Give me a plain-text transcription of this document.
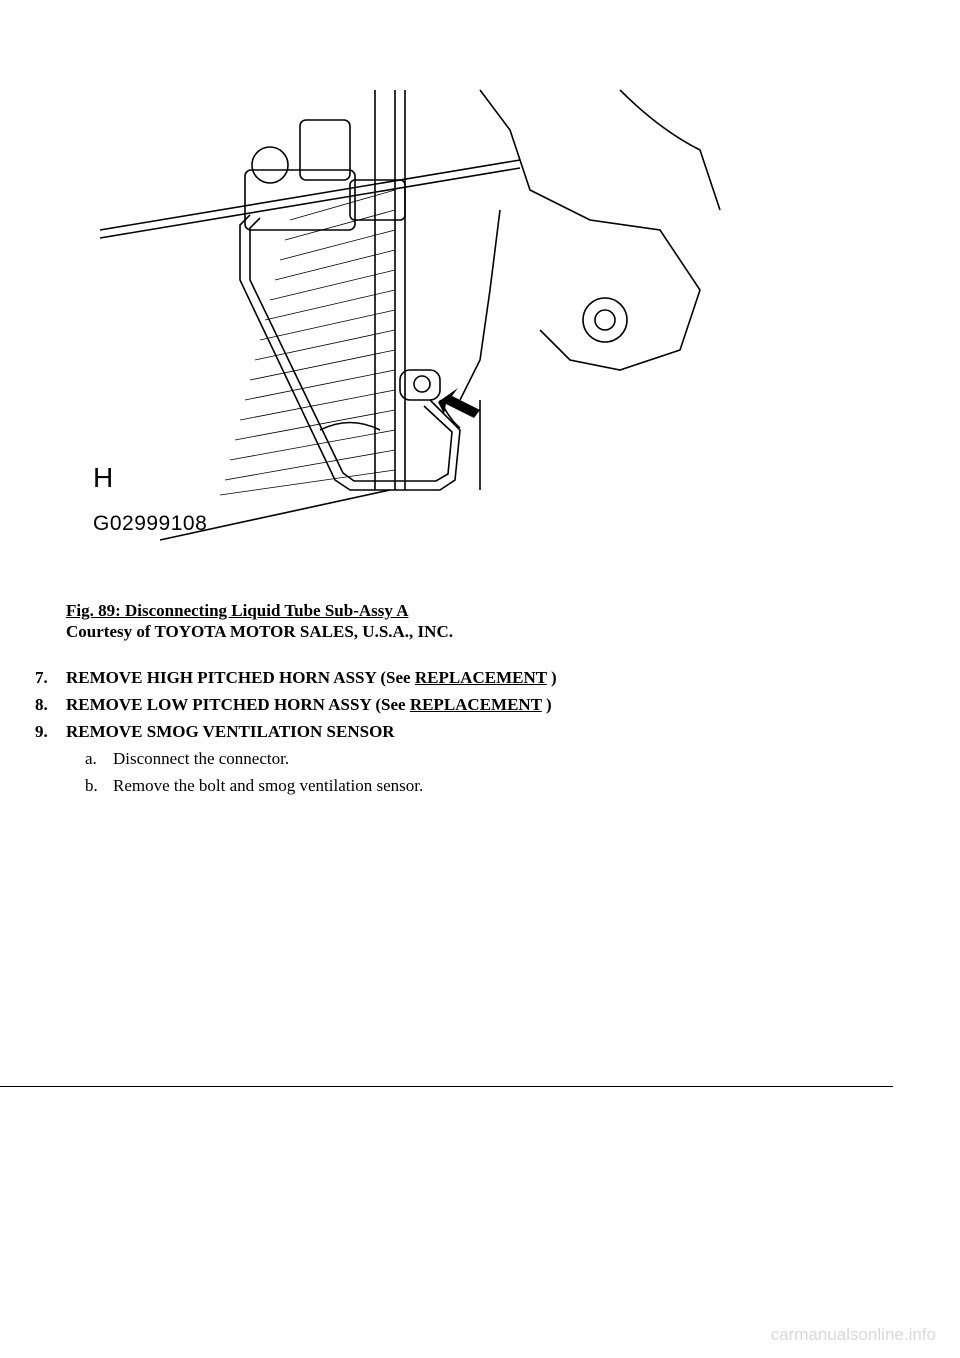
H
G02999108
Fig. 89: Disconnecting Liquid Tube Sub-Assy A
Courtesy of TOYOTA MOTOR SALES, U.S.A., INC.
7.	REMOVE HIGH PITCHED HORN ASSY (See REPLACEMENT )
8.	REMOVE LOW PITCHED HORN ASSY (See REPLACEMENT )
9.	REMOVE SMOG VENTILATION SENSOR
a. Disconnect the connector.
b. Remove the bolt and smog ventilation sensor.
carmanualsonline.info
